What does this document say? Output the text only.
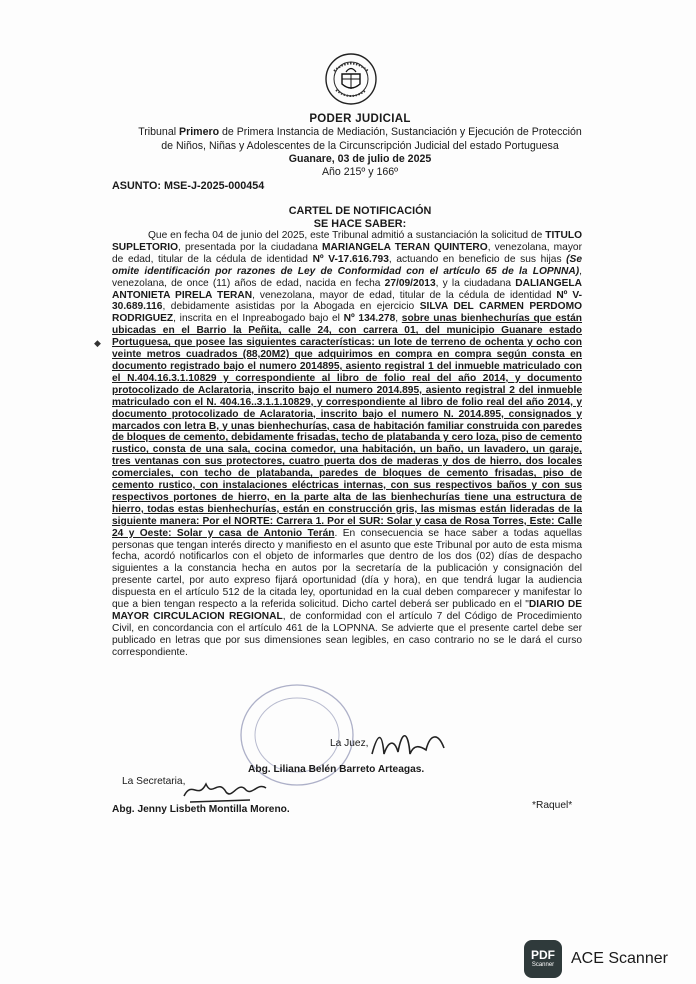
PODER JUDICIAL
Tribunal Primero de Primera Instancia de Mediación, Sustanciación y Ejecución de Protección
de Niños, Niñas y Adolescentes de la Circunscripción Judicial del estado Portuguesa
Guanare, 03 de julio de 2025
Año 215º y 166º
ASUNTO: MSE-J-2025-000454
CARTEL DE NOTIFICACIÓN
SE HACE SABER:
◆

Que en fecha 04 de junio del 2025, este Tribunal admitió a sustanciación la solicitud de TITULO SUPLETORIO, presentada por la ciudadana MARIANGELA TERAN QUINTERO, venezolana, mayor de edad, titular de la cédula de identidad Nº V-17.616.793, actuando en beneficio de sus hijas (Se omite identificación por razones de Ley de Conformidad con el artículo 65 de la LOPNNA), venezolana, de once (11) años de edad, nacida en fecha 27/09/2013, y la ciudadana DALIANGELA ANTONIETA PIRELA TERAN, venezolana, mayor de edad, titular de la cédula de identidad Nº V-30.689.116, debidamente asistidas por la Abogada en ejercicio SILVA DEL CARMEN PERDOMO RODRIGUEZ, inscrita en el Inpreabogado bajo el Nº 134.278, sobre unas bienhechurías que están ubicadas en el Barrio la Peñita, calle 24, con carrera 01, del municipio Guanare estado Portuguesa, que posee las siguientes características: un lote de terreno de ochenta y ocho con veinte metros cuadrados (88,20M2) que adquirimos en compra en compra según consta en documento registrado bajo el numero 2014895, asiento registral 1 del inmueble matriculado con el N.404.16.3.1.10829 y correspondiente al libro de folio real del año 2014, y documento protocolizado de Aclaratoria, inscrito bajo el numero 2014.895, asiento registral 2 del inmueble matriculado con el N. 404.16..3.1.1.10829, y correspondiente al libro de folio real del año 2014, y documento protocolizado de Aclaratoria, inscrito bajo el numero N. 2014.895, consignados y marcados con letra B, y unas bienhechurías, casa de habitación familiar construida con paredes de bloques de cemento, debidamente frisadas, techo de platabanda y cero loza, piso de cemento rustico, consta de una sala, cocina comedor, una habitación, un baño, un lavadero, un garaje, tres ventanas con sus protectores, cuatro puerta dos de maderas y dos de hierro, dos locales comerciales, con techo de platabanda, paredes de bloques de cemento frisadas, piso de cemento rustico, con instalaciones eléctricas internas, con sus respectivos baños y con sus respectivos portones de hierro, en la parte alta de las bienhechurías tiene una estructura de hierro, todas estas bienhechurías, están en construcción gris, las mismas están lideradas de la siguiente manera: Por el NORTE: Carrera 1. Por el SUR: Solar y casa de Rosa Torres, Este: Calle 24 y Oeste: Solar y casa de Antonio Terán. En consecuencia se hace saber a todas aquellas personas que tengan interés directo y manifiesto en el asunto que este Tribunal por auto de esta misma fecha, acordó notificarlos con el objeto de informarles que dentro de los dos (02) días de despacho siguientes a la constancia hecha en autos por la secretaría de la publicación y consignación del presente cartel, por auto expreso fijará oportunidad (día y hora), en que tendrá lugar la audiencia dispuesta en el artículo 512 de la citada ley, oportunidad en la cual deben comparecer y manifestar lo que a bien tengan respecto a la referida solicitud. Dicho cartel deberá ser publicado en el "DIARIO DE MAYOR CIRCULACION REGIONAL, de conformidad con el artículo 7 del Código de Procedimiento Civil, en concordancia con el artículo 461 de la LOPNNA. Se advierte que el presente cartel debe ser publicado en letras que por sus dimensiones sean legibles, en caso contrario no se le dará el curso correspondiente.

La Juez,
Abg. Liliana Belén Barreto Arteagas.
La Secretaria,
Abg. Jenny Lisbeth Montilla Moreno.	*Raquel*
PDF
Scanner ACE Scanner
